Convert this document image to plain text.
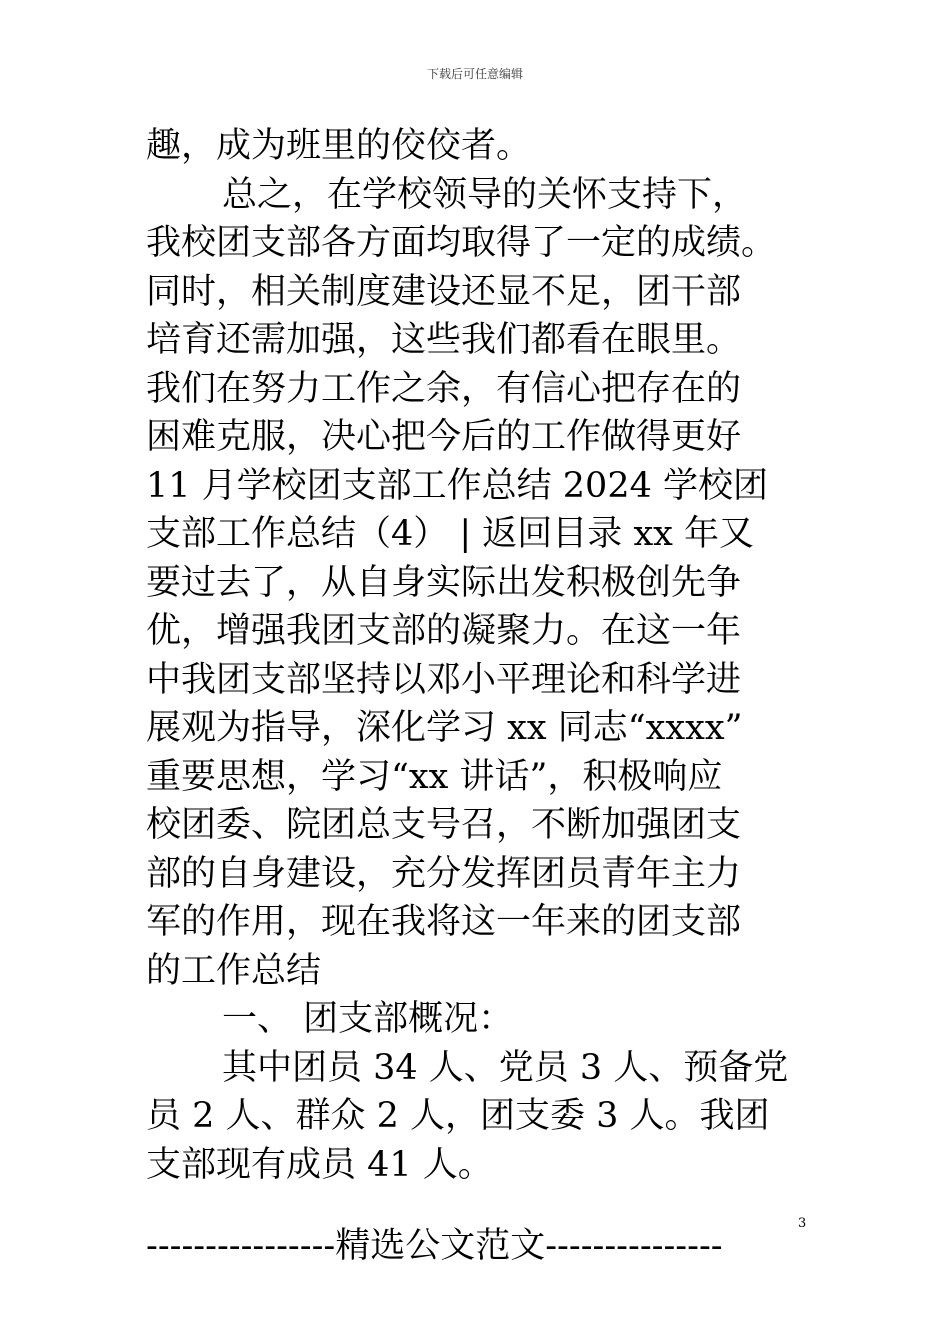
下载后可任意编辑
趣，成为班里的佼佼者。
总之，在学校领导的关怀支持下，
我校团支部各方面均取得了一定的成绩。
同时，相关制度建设还显不足，团干部
培育还需加强，这些我们都看在眼里。
我们在努力工作之余，有信心把存在的
困难克服，决心把今后的工作做得更好
11 月学校团支部工作总结 2024 学校团
支部工作总结（4） | 返回目录 xx 年又
要过去了，从自身实际出发积极创先争
优，增强我团支部的凝聚力。在这一年
中我团支部坚持以邓小平理论和科学进
展观为指导，深化学习 xx 同志“xxxx”
重要思想，学习“xx 讲话”，积极响应
校团委、院团总支号召，不断加强团支
部的自身建设，充分发挥团员青年主力
军的作用，现在我将这一年来的团支部
的工作总结
一、 团支部概况：
其中团员 34 人、党员 3 人、预备党
员 2 人、群众 2 人，团支委 3 人。我团
支部现有成员 41 人。
3
----------------精选公文范文---------------
